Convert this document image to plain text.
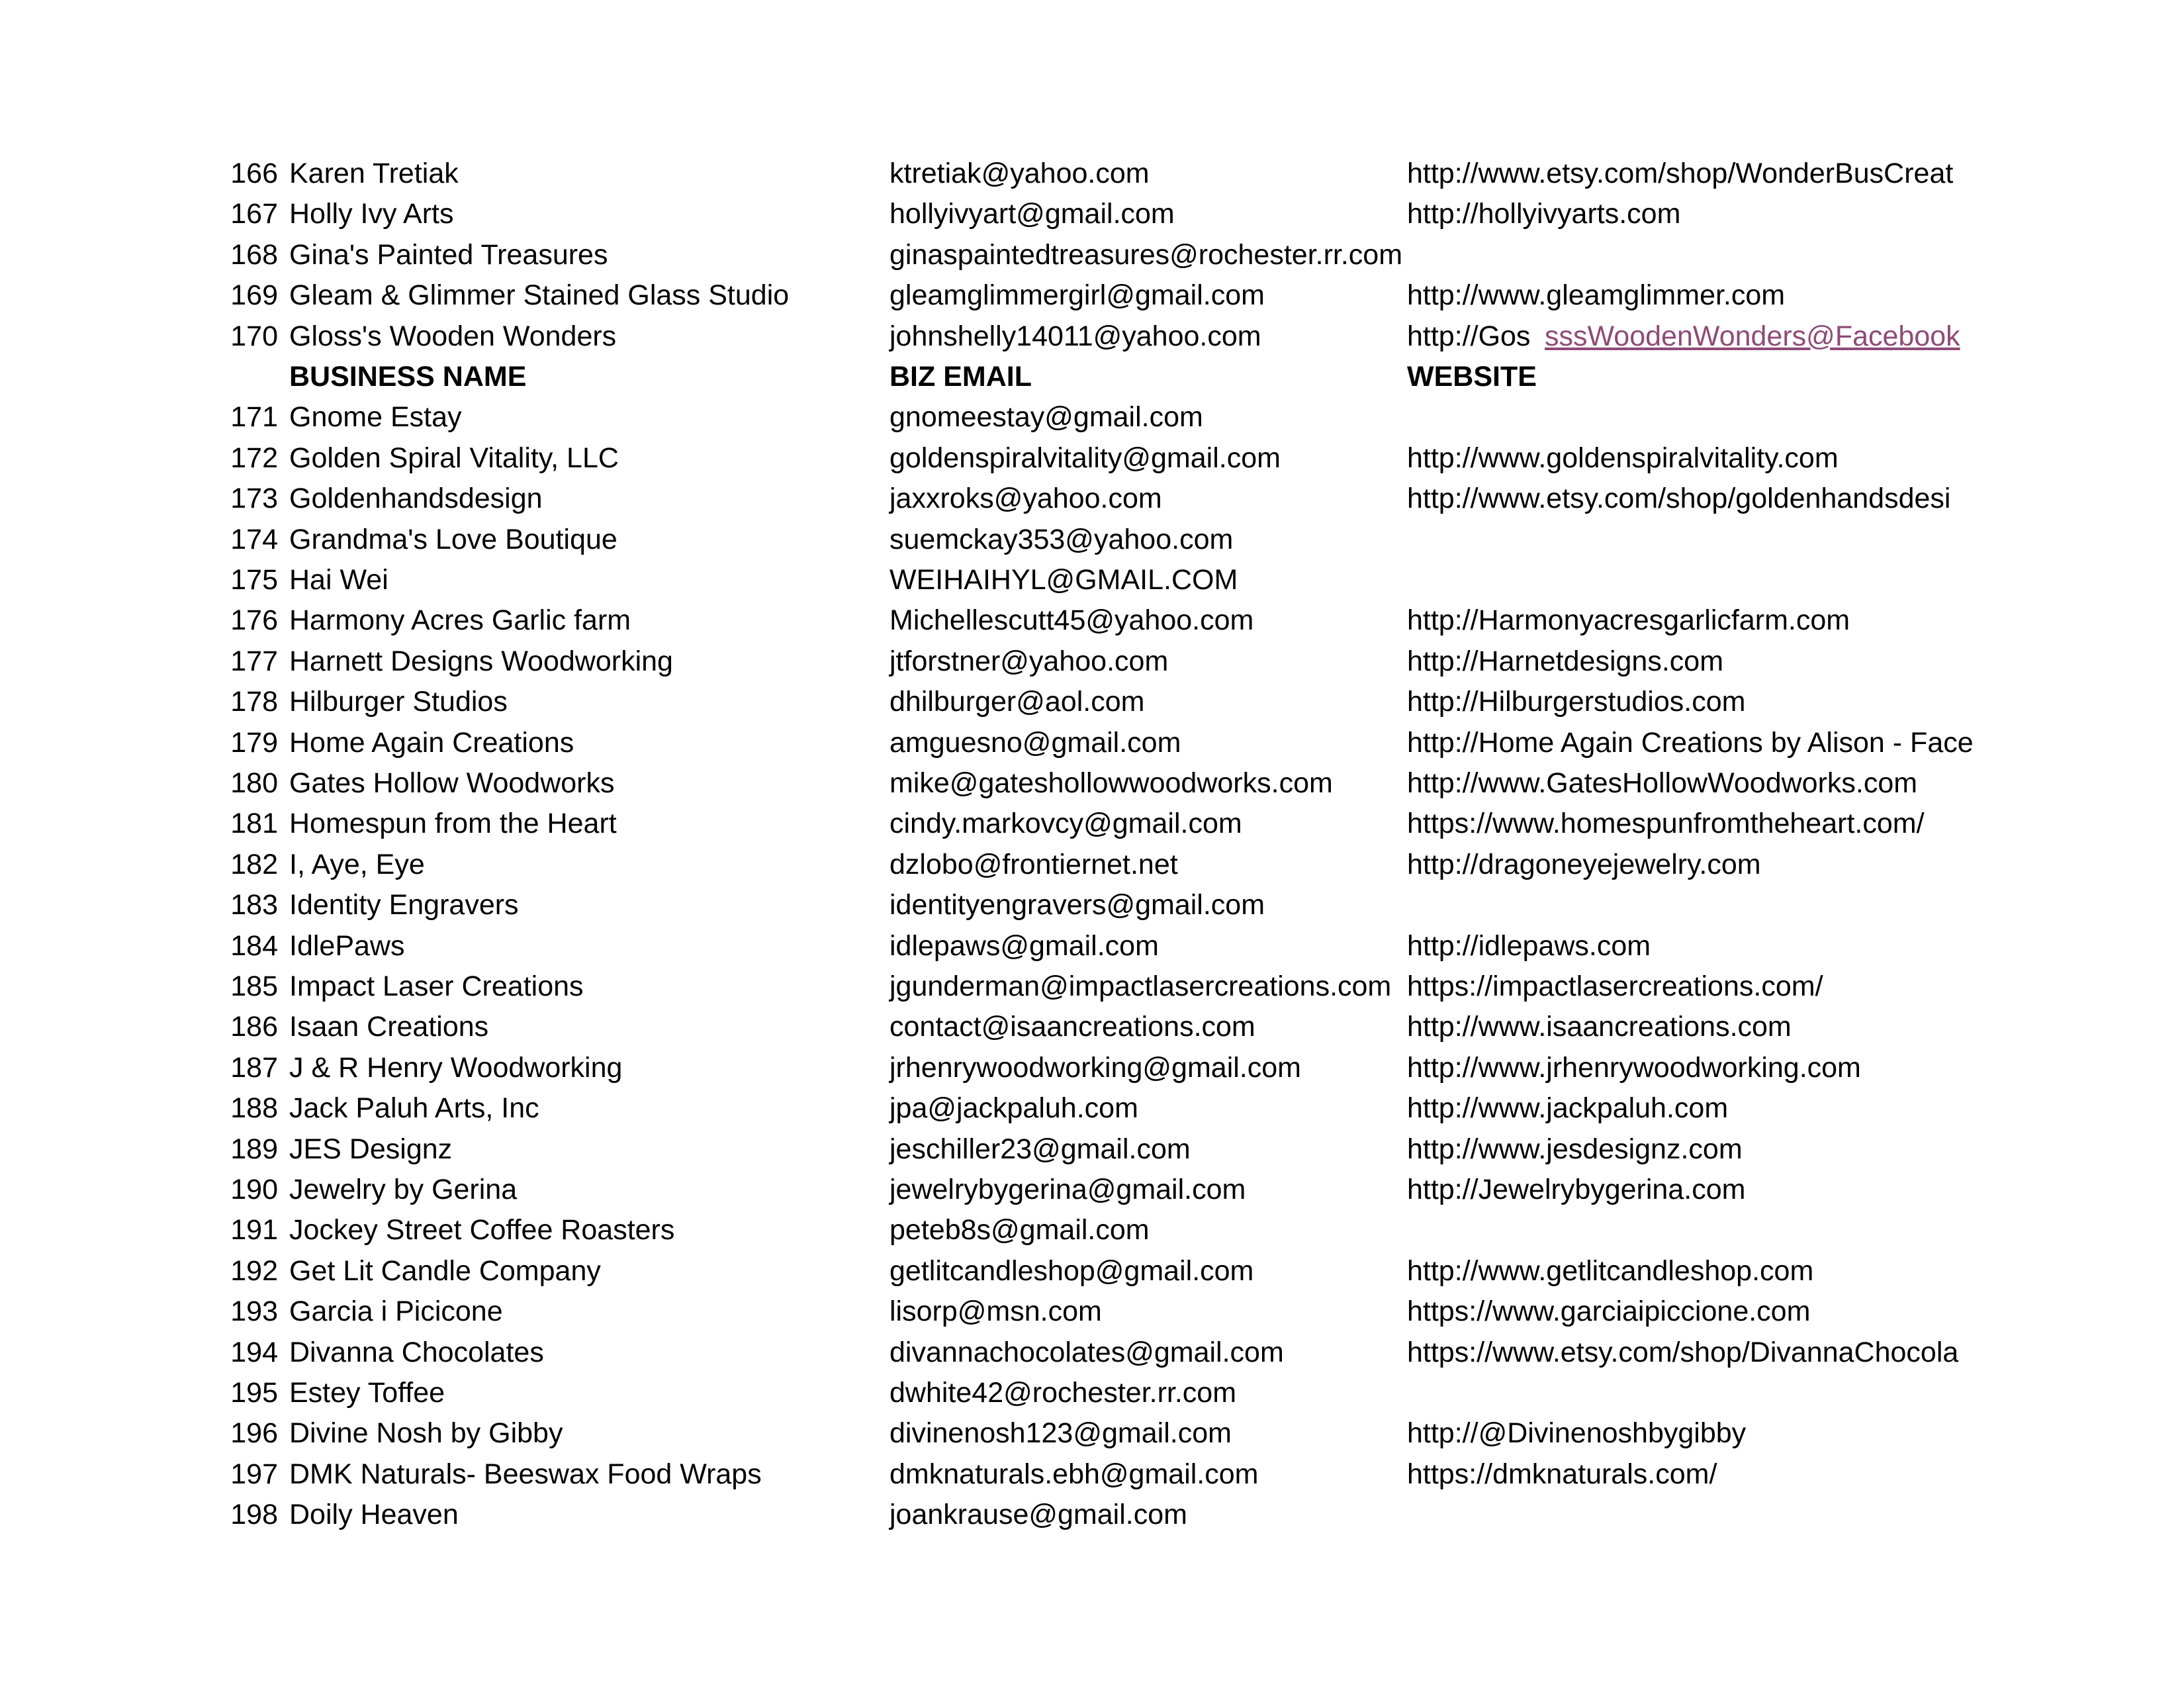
166 Karen Tretiak	ktretiak@yahoo.com	http://www.etsy.com/shop/WonderBusCreat
167 Holly Ivy Arts	hollyivyart@gmail.com	http://hollyivyarts.com
168 Gina's Painted Treasures	ginaspaintedtreasures@rochester.rr.com
169 Gleam & Glimmer Stained Glass Studio	gleamglimmergirl@gmail.com	http://www.gleamglimmer.com
170 Gloss's Wooden Wonders	johnshelly14011@yahoo.com	http://Gos sssWoodenWonders@Facebook
BUSINESS NAME	BIZ EMAIL	WEBSITE
171 Gnome Estay	gnomeestay@gmail.com
172 Golden Spiral Vitality, LLC	goldenspiralvitality@gmail.com	http://www.goldenspiralvitality.com
173 Goldenhandsdesign	jaxxroks@yahoo.com	http://www.etsy.com/shop/goldenhandsdesi
174 Grandma's Love Boutique	suemckay353@yahoo.com
175 Hai Wei	WEIHAIHYL@GMAIL.COM
176 Harmony Acres Garlic farm	Michellescutt45@yahoo.com	http://Harmonyacresgarlicfarm.com
177 Harnett Designs Woodworking	jtforstner@yahoo.com	http://Harnetdesigns.com
178 Hilburger Studios	dhilburger@aol.com	http://Hilburgerstudios.com
179 Home Again Creations	amguesno@gmail.com	http://Home Again Creations by Alison - Face
180 Gates Hollow Woodworks	mike@gateshollowwoodworks.com	http://www.GatesHollowWoodworks.com
181 Homespun from the Heart	cindy.markovcy@gmail.com	https://www.homespunfromtheheart.com/
182 I, Aye, Eye	dzlobo@frontiernet.net	http://dragoneyejewelry.com
183 Identity Engravers	identityengravers@gmail.com
184 IdlePaws	idlepaws@gmail.com	http://idlepaws.com
185 Impact Laser Creations	jgunderman@impactlasercreations.com https://impactlasercreations.com/
186 Isaan Creations	contact@isaancreations.com	http://www.isaancreations.com
187 J & R Henry Woodworking	jrhenrywoodworking@gmail.com	http://www.jrhenrywoodworking.com
188 Jack Paluh Arts, Inc	jpa@jackpaluh.com	http://www.jackpaluh.com
189 JES Designz	jeschiller23@gmail.com	http://www.jesdesignz.com
190 Jewelry by Gerina	jewelrybygerina@gmail.com	http://Jewelrybygerina.com
191 Jockey Street Coffee Roasters	peteb8s@gmail.com
192 Get Lit Candle Company	getlitcandleshop@gmail.com	http://www.getlitcandleshop.com
193 Garcia i Picicone	lisorp@msn.com	https://www.garciaipiccione.com
194 Divanna Chocolates	divannachocolates@gmail.com	https://www.etsy.com/shop/DivannaChocola
195 Estey Toffee	dwhite42@rochester.rr.com
196 Divine Nosh by Gibby	divinenosh123@gmail.com	http://@Divinenoshbygibby
197 DMK Naturals- Beeswax Food Wraps	dmknaturals.ebh@gmail.com	https://dmknaturals.com/
198 Doily Heaven	joankrause@gmail.com
